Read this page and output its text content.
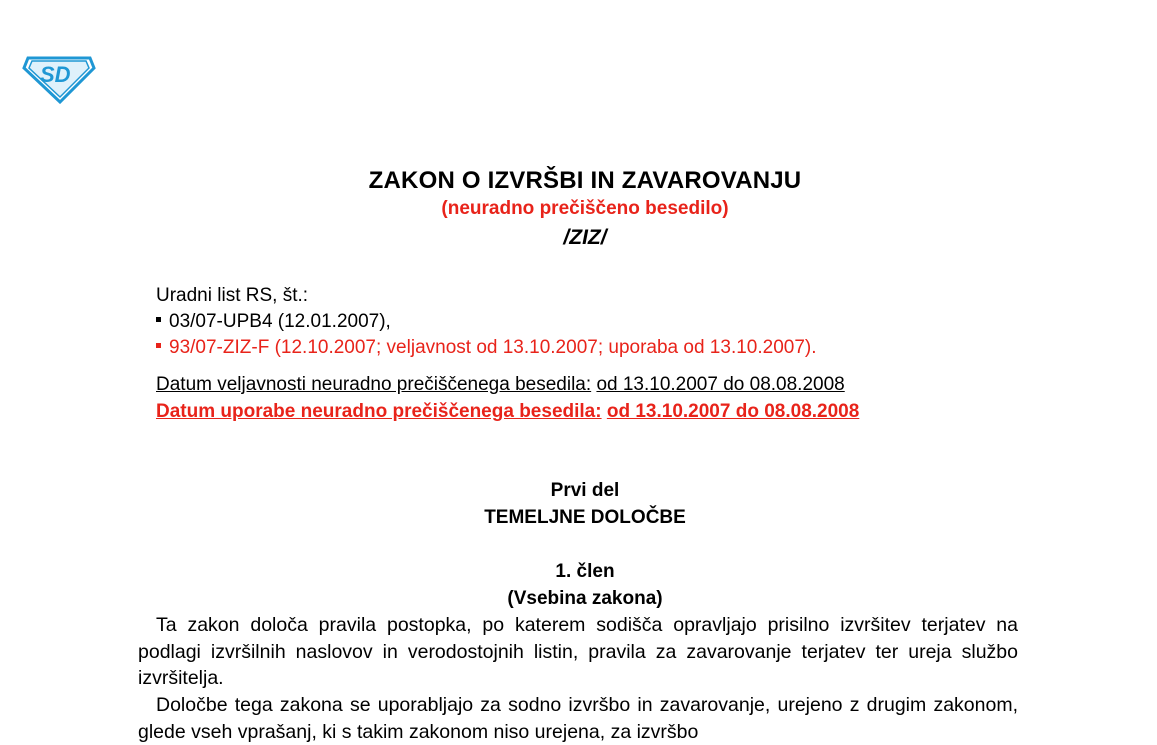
SD
ZAKON O IZVRŠBI IN ZAVAROVANJU
(neuradno prečiščeno besedilo)
/ZIZ/
Uradni list RS, št.:
03/07-UPB4 (12.01.2007),
93/07-ZIZ-F (12.10.2007; veljavnost od 13.10.2007; uporaba od 13.10.2007).
Datum veljavnosti neuradno prečiščenega besedila: od 13.10.2007 do 08.08.2008
Datum uporabe neuradno prečiščenega besedila: od 13.10.2007 do 08.08.2008
Prvi del
TEMELJNE DOLOČBE
1. člen
(Vsebina zakona)

Ta zakon določa pravila postopka, po katerem sodišča opravljajo prisilno izvršitev terjatev na podlagi izvršilnih naslovov in verodostojnih listin, pravila za zavarovanje terjatev ter ureja službo izvršitelja.

Določbe tega zakona se uporabljajo za sodno izvršbo in zavarovanje, urejeno z drugim zakonom, glede vseh vprašanj, ki s takim zakonom niso urejena, za izvršbo
